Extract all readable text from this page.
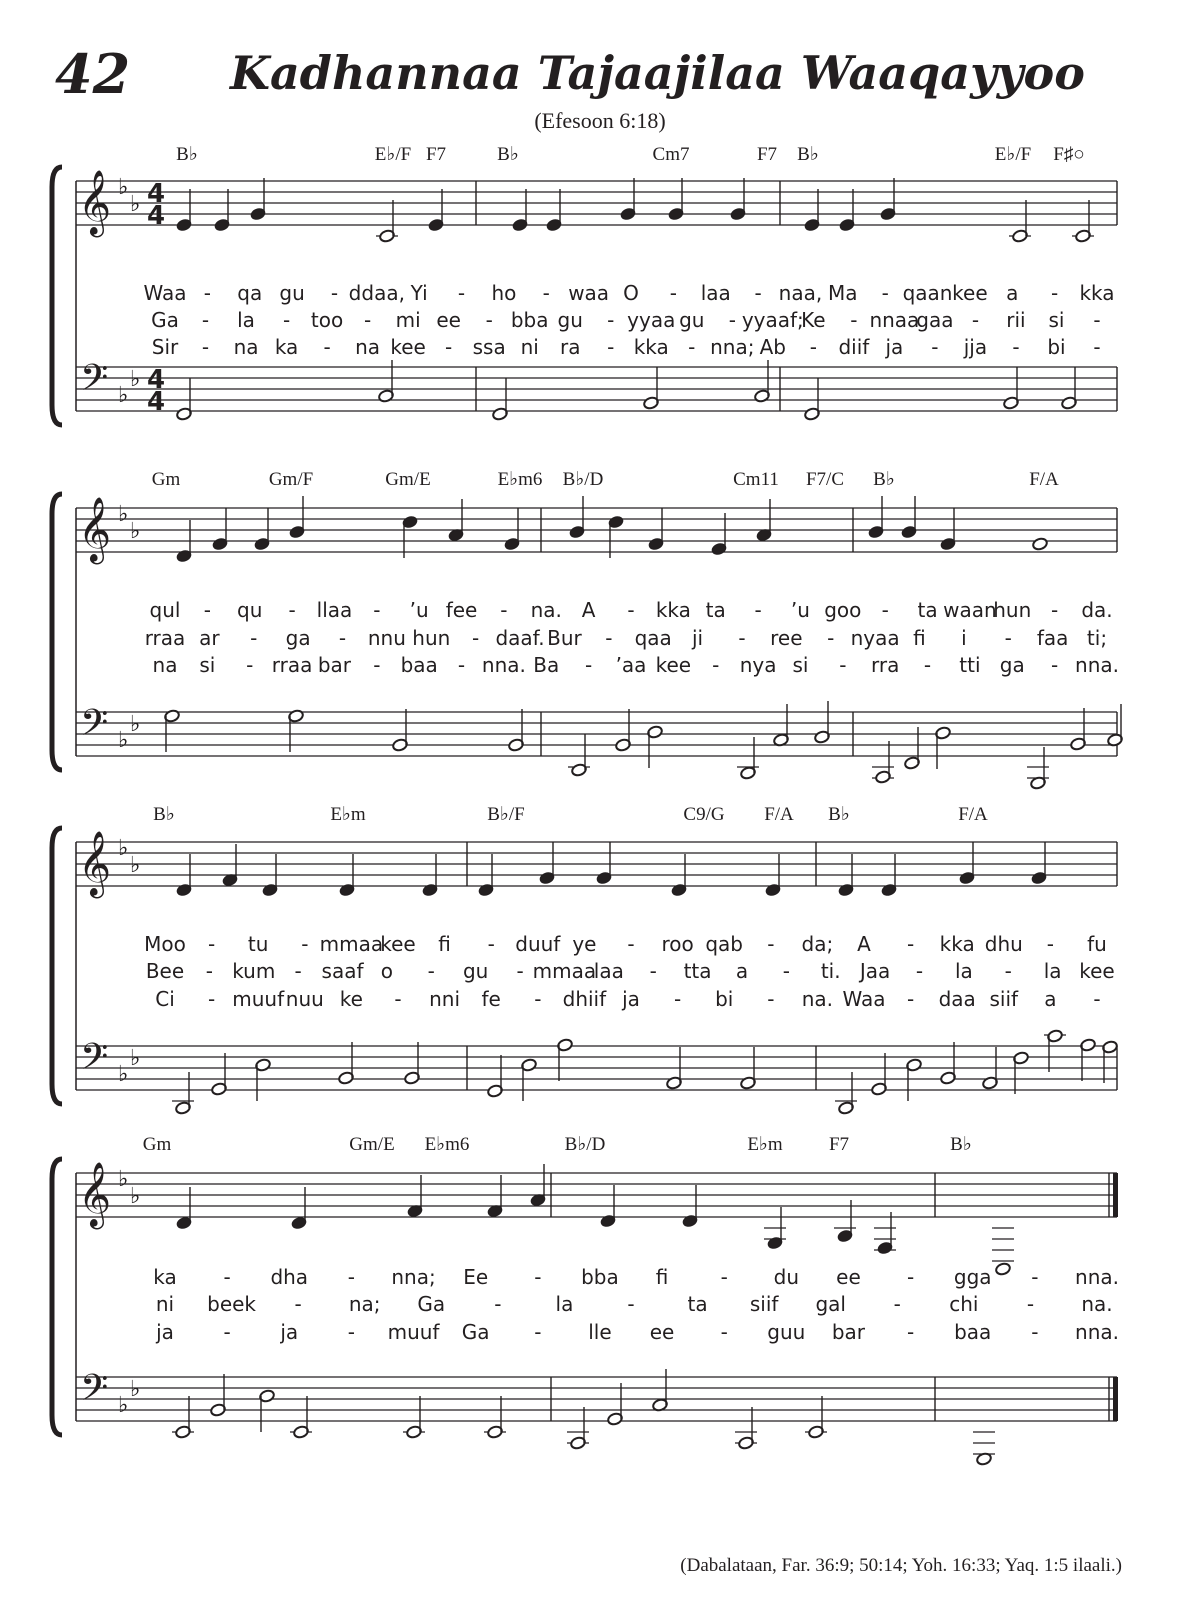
42 Kadhannaa Tajaajilaa Waaqayyoo
(Efesoon 6:18)
(Dabalataan, Far. 36:9; 50:14; Yoh. 16:33; Yaq. 1:5 ilaali.)
𝄞
𝄢
♭
♭
♭
♭
4
4
4
4
B♭	E♭/F F7	B♭	Cm7	F7 B♭	E♭/F F♯○
Waa - qa gu - ddaa, Yi - ho - waa O - laa - naa, Ma - qaan kee a - kka
Ga - la - too - mi ee - bba gu - yyaa gu - yyaaf;
Ke - nnaa
gaa - rii si -
Sir - na ka - na kee - ssa ni ra - kka - nna; Ab - diif ja - jja - bi -
𝄞
𝄢
♭
♭
♭
♭
Gm	Gm/F	Gm/E	E♭m6 B♭/D	Cm11 F7/C B♭	F/A
qul - qu - llaa - ’u fee - na. A - kka ta - ’u goo - ta waan
hun - da.
rraa ar - ga - nnu hun - daaf. Bur - qaa ji - ree - nyaa fi i - faa ti;
na si - rraa bar - baa - nna. Ba - ’aa kee - nya si - rra - tti ga - nna.
𝄞
𝄢
♭
♭
♭
♭
B♭	E♭m	B♭/F	C9/G F/A B♭	F/A
Moo - tu - mmaa
kee fi - duuf ye - roo qab - da; A - kka dhu - fu
Bee - kum - saaf o - gu - mmaa
laa - tta a - ti. Jaa - la - la kee
Ci - muuf nuu ke - nni fe - dhiif ja - bi - na. Waa - daa siif a -
𝄞
𝄢
♭
♭
♭
♭
Gm	Gm/E E♭m6	B♭/D	E♭m F7	B♭
ka - dha - nna; Ee - bba fi	- du ee - gga - nna.
ni beek - na; Ga -	la	-	ta siif gal - chi - na.
ja - ja - muuf Ga - lle ee - guu bar - baa - nna.
